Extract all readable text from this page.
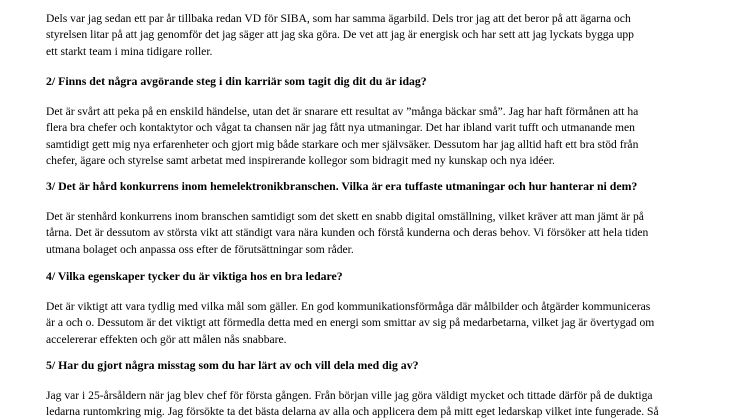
Dels var jag sedan ett par år tillbaka redan VD för SIBA, som har samma ägarbild. Dels tror jag att det beror på att ägarna och
styrelsen litar på att jag genomför det jag säger att jag ska göra. De vet att jag är energisk och har sett att jag lyckats bygga upp
ett starkt team i mina tidigare roller.
2/ Finns det några avgörande steg i din karriär som tagit dig dit du är idag?
Det är svårt att peka på en enskild händelse, utan det är snarare ett resultat av ”många bäckar små”. Jag har haft förmånen att ha
flera bra chefer och kontaktytor och vågat ta chansen när jag fått nya utmaningar. Det har ibland varit tufft och utmanande men
samtidigt gett mig nya erfarenheter och gjort mig både starkare och mer självsäker. Dessutom har jag alltid haft ett bra stöd från
chefer, ägare och styrelse samt arbetat med inspirerande kollegor som bidragit med ny kunskap och nya idéer.
3/ Det är hård konkurrens inom hemelektronikbranschen. Vilka är era tuffaste utmaningar och hur hanterar ni dem?
Det är stenhård konkurrens inom branschen samtidigt som det skett en snabb digital omställning, vilket kräver att man jämt är på
tårna. Det är dessutom av största vikt att ständigt vara nära kunden och förstå kunderna och deras behov. Vi försöker att hela tiden
utmana bolaget och anpassa oss efter de förutsättningar som råder.
4/ Vilka egenskaper tycker du är viktiga hos en bra ledare?
Det är viktigt att vara tydlig med vilka mål som gäller. En god kommunikationsförmåga där målbilder och åtgärder kommuniceras
är a och o. Dessutom är det viktigt att förmedla detta med en energi som smittar av sig på medarbetarna, vilket jag är övertygad om
accelererar effekten och gör att målen nås snabbare.
5/ Har du gjort några misstag som du har lärt av och vill dela med dig av?
Jag var i 25-årsåldern när jag blev chef för första gången. Från början ville jag göra väldigt mycket och tittade därför på de duktiga
ledarna runtomkring mig. Jag försökte ta det bästa delarna av alla och applicera dem på mitt eget ledarskap vilket inte fungerade. Så
